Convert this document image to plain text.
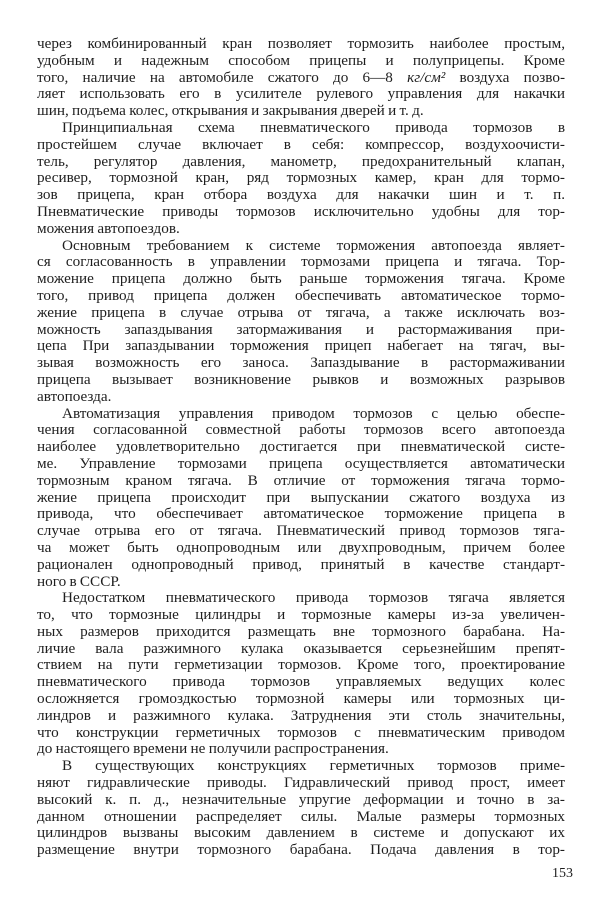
через комбинированный кран позволяет тормозить наиболее простым,
удобным и надежным способом прицепы и полуприцепы. Кроме
того, наличие на автомобиле сжатого до 6—8 кг/см² воздуха позво-
ляет использовать его в усилителе рулевого управления для накачки
шин, подъема колес, открывания и закрывания дверей и т. д.
Принципиальная схема пневматического привода тормозов в
простейшем случае включает в себя: компрессор, воздухоочисти-
тель, регулятор давления, манометр, предохранительный клапан,
ресивер, тормозной кран, ряд тормозных камер, кран для тормо-
зов прицепа, кран отбора воздуха для накачки шин и т. п.
Пневматические приводы тормозов исключительно удобны для тор-
можения автопоездов.
Основным требованием к системе торможения автопоезда являет-
ся согласованность в управлении тормозами прицепа и тягача. Тор-
можение прицепа должно быть раньше торможения тягача. Кроме
того, привод прицепа должен обеспечивать автоматическое тормо-
жение прицепа в случае отрыва от тягача, а также исключать воз-
можность запаздывания затормаживания и растормаживания при-
цепа При запаздывании торможения прицеп набегает на тягач, вы-
зывая возможность его заноса. Запаздывание в растормаживании
прицепа вызывает возникновение рывков и возможных разрывов
автопоезда.
Автоматизация управления приводом тормозов с целью обеспе-
чения согласованной совместной работы тормозов всего автопоезда
наиболее удовлетворительно достигается при пневматической систе-
ме. Управление тормозами прицепа осуществляется автоматически
тормозным краном тягача. В отличие от торможения тягача тормо-
жение прицепа происходит при выпускании сжатого воздуха из
привода, что обеспечивает автоматическое торможение прицепа в
случае отрыва его от тягача. Пневматический привод тормозов тяга-
ча может быть однопроводным или двухпроводным, причем более
рационален однопроводный привод, принятый в качестве стандарт-
ного в СССР.
Недостатком пневматического привода тормозов тягача является
то, что тормозные цилиндры и тормозные камеры из-за увеличен-
ных размеров приходится размещать вне тормозного барабана. На-
личие вала разжимного кулака оказывается серьезнейшим препят-
ствием на пути герметизации тормозов. Кроме того, проектирование
пневматического привода тормозов управляемых ведущих колес
осложняется громоздкостью тормозной камеры или тормозных ци-
линдров и разжимного кулака. Затруднения эти столь значительны,
что конструкции герметичных тормозов с пневматическим приводом
до настоящего времени не получили распространения.
В существующих конструкциях герметичных тормозов приме-
няют гидравлические приводы. Гидравлический привод прост, имеет
высокий к. п. д., незначительные упругие деформации и точно в за-
данном отношении распределяет силы. Малые размеры тормозных
цилиндров вызваны высоким давлением в системе и допускают их
размещение внутри тормозного барабана. Подача давления в тор-
153
